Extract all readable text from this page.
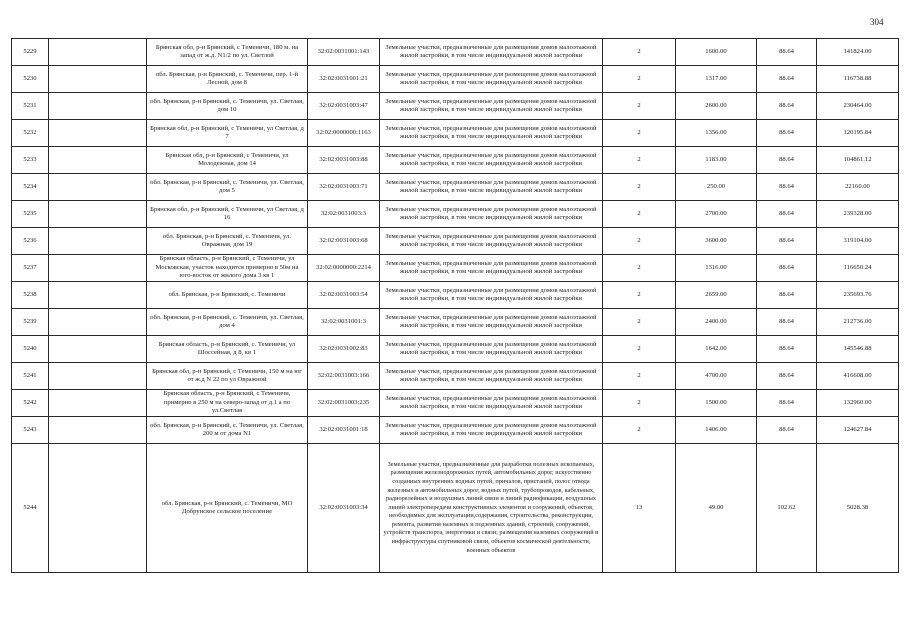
304
5229		Брянская обл, р-н Брянский, с Теменичи, 180 м. на запад от ж.д. N1/2 по ул. Светлой	32:02:0031001:143	Земельные участки, предназначенные для размещения домов малоэтажной жилой застройки, в том числе индивидуальной жилой застройки	2	1600.00	88.64	141824.00
5230		обл. Брянская, р-н Брянский, с. Теменичи, пер. 1-й Лесной, дом 8	32:02:0031001:21	Земельные участки, предназначенные для размещения домов малоэтажной жилой застройки, в том числе индивидуальной жилой застройки	2	1317.00	88.64	116738.88
5231		обл. Брянская, р-н Брянский, с. Теменичи, ул. Светлая, дом 10	32:02:0031003:47	Земельные участки, предназначенные для размещения домов малоэтажной жилой застройки, в том числе индивидуальной жилой застройки	2	2600.00	88.64	230464.00
5232		Брянская обл, р-н Брянский, с Теменичи, ул Светлая, д 7	32:02:0000000:1163	Земельные участки, предназначенные для размещения домов малоэтажной жилой застройки, в том числе индивидуальной жилой застройки	2	1356.00	88.64	120195.84
5233		Брянская обл, р-н Брянский, с Теменичи, ул Молодежная, дом 14	32:02:0031003:88	Земельные участки, предназначенные для размещения домов малоэтажной жилой застройки, в том числе индивидуальной жилой застройки	2	1183.00	88.64	104861.12
5234		обл. Брянская, р-н Брянский, с. Теменичи, ул. Светлая, дом 5	32:02:0031003:71	Земельные участки, предназначенные для размещения домов малоэтажной жилой застройки, в том числе индивидуальной жилой застройки	2	250.00	88.64	22160.00
5235		Брянская обл, р-н Брянский, с Теменичи, ул Светлая, д 16	32:02:0031003:3	Земельные участки, предназначенные для размещения домов малоэтажной жилой застройки, в том числе индивидуальной жилой застройки	2	2700.00	88.64	239328.00
5236		обл. Брянская, р-н Брянский, с. Теменичи, ул. Овражная, дом 19	32:02:0031003:68	Земельные участки, предназначенные для размещения домов малоэтажной жилой застройки, в том числе индивидуальной жилой застройки	2	3600.00	88.64	319104.00
5237		Брянская область, р-н Брянский, с Теменичи, ул Московская, участок находится примерно в 50м на юго-восток от жилого дома 3 кв 1	32:02:0000000:2214	Земельные участки, предназначенные для размещения домов малоэтажной жилой застройки, в том числе индивидуальной жилой застройки	2	1316.00	88.64	116650.24
5238		обл. Брянская, р-н Брянский, с. Теменичи	32:02:0031003:54	Земельные участки, предназначенные для размещения домов малоэтажной жилой застройки, в том числе индивидуальной жилой застройки	2	2659.00	88.64	235693.76
5239		обл. Брянская, р-н Брянский, с. Теменичи, ул. Светлая, дом 4	32:02:0031001:3	Земельные участки, предназначенные для размещения домов малоэтажной жилой застройки, в том числе индивидуальной жилой застройки	2	2400.00	88.64	212736.00
5240		Брянская область, р-н Брянский, с. Теменичи, ул Шоссейная, д 8, кв 1	32:02:0031002:83	Земельные участки, предназначенные для размещения домов малоэтажной жилой застройки, в том числе индивидуальной жилой застройки	2	1642.00	88.64	145546.88
5241		Брянская обл, р-н Брянский, с Теменичи, 150 м на юг от ж.д N 22 по ул Овражной	32:02:0031003:166	Земельные участки, предназначенные для размещения домов малоэтажной жилой застройки, в том числе индивидуальной жилой застройки	2	4700.00	88.64	416608.00
5242		Брянская область, р-н Брянский, с Теменичи, примерно в 250 м на северо-запад от д.1 а по ул.Светлая	32:02:0031003:235	Земельные участки, предназначенные для размещения домов малоэтажной жилой застройки, в том числе индивидуальной жилой застройки	2	1500.00	88.64	132960.00
5243		обл. Брянская, р-н Брянский, с. Теменичи, ул. Светлая, 200 м от дома N1	32:02:0031001:18	Земельные участки, предназначенные для размещения домов малоэтажной жилой застройки, в том числе индивидуальной жилой застройки	2	1406.00	88.64	124627.84
5244		обл. Брянская, р-н Брянский, с. Теменичи, МО Добрунское сельское поселение	32:02:0031003:34	Земельные участки, предназначенные для разработки полезных ископаемых, размещения железнодорожных путей, автомобильных дорог, искусственно созданных внутренних водных путей, причалов, пристаней, полос отвода железных и автомобильных дорог, водных путей, трубопроводов, кабельных, радиорелейных и воздушных линий связи и линий радиофикации, воздушных линий электропередачи конструктивных элементов и сооружений, объектов, необходимых для эксплуатации,содержания, строительства, реконструкции, ремонта, развития наземных и подземных зданий, строений, сооружений, устройств транспорта, энергетики и связи; размещения наземных сооружений и инфраструктуры спутниковой связи, объектов космической деятельности, военных объектов	13	49.00	102.62	5028.38
